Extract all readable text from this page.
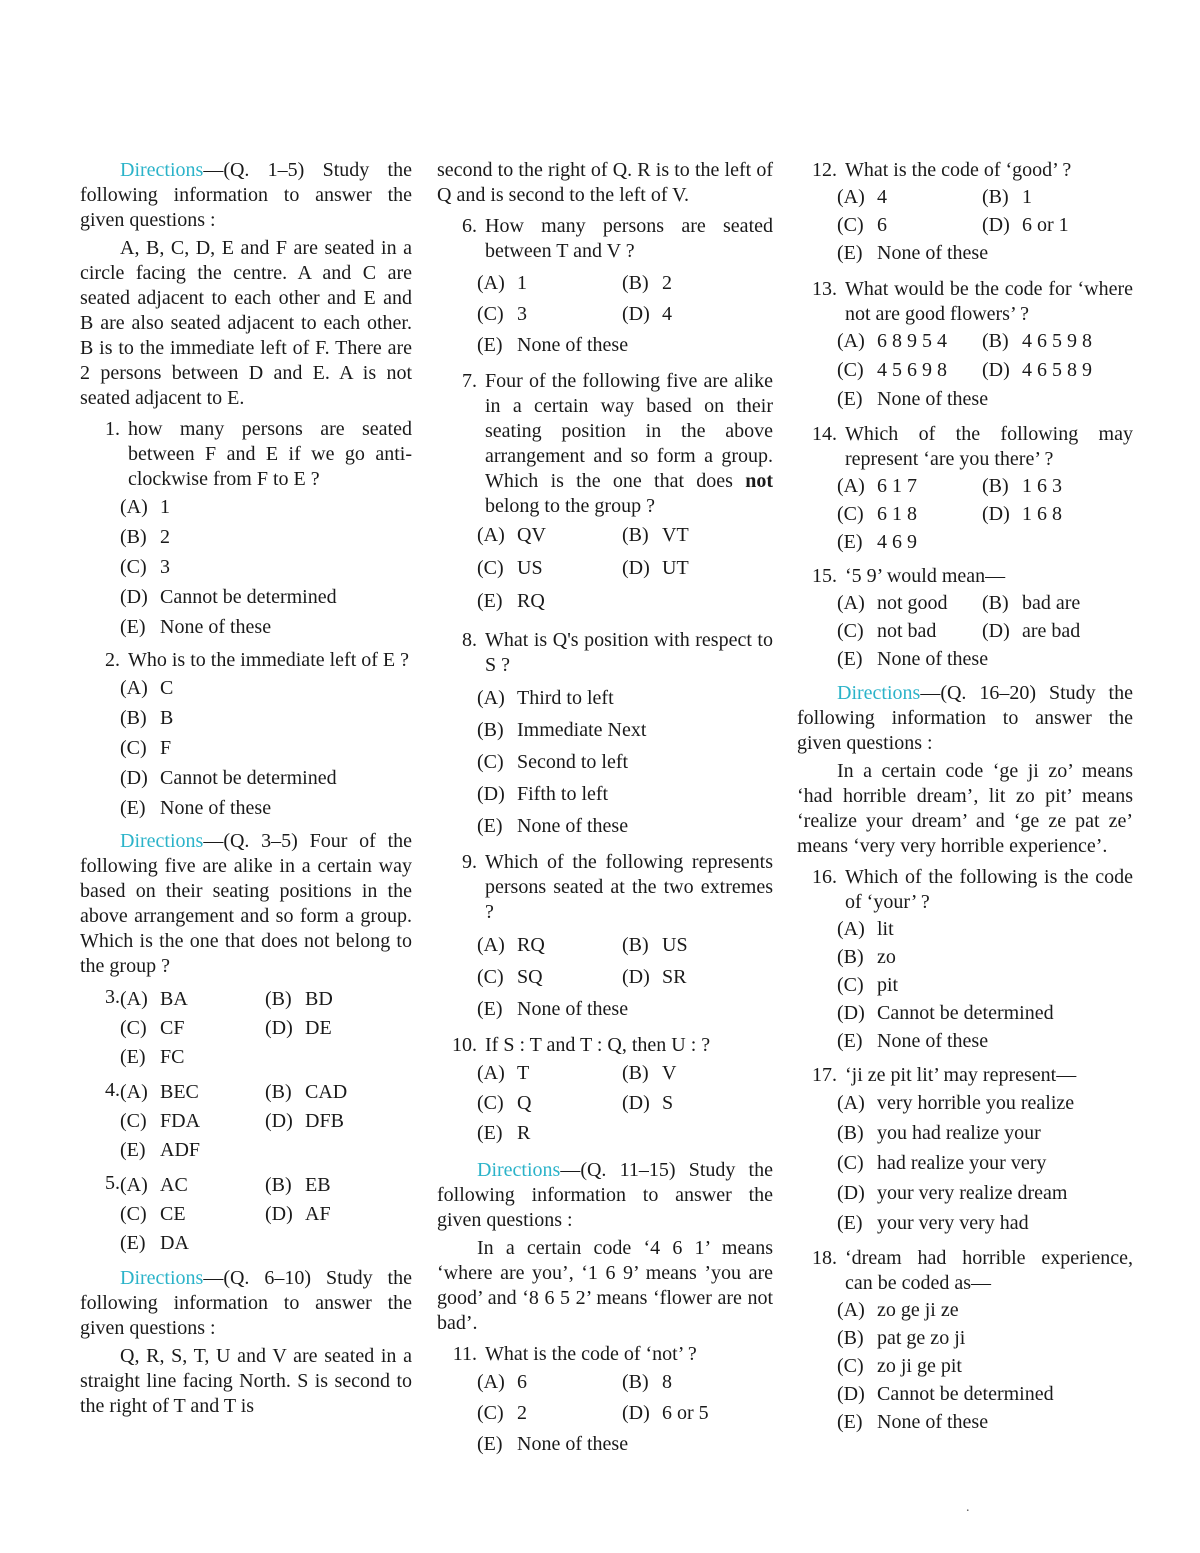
Directions—(Q. 1–5) Study the following information to answer the given questions :

A, B, C, D, E and F are seated in a circle facing the centre. A and C are seated adjacent to each other and E and B are also seated adjacent to each other. B is to the immediate left of F. There are 2 persons between D and E. A is not seated adjacent to E.

1. how many persons are seated between F and E if we go anti-clockwise from F to E ?
(A) 1
(B) 2
(C) 3
(D) Cannot be determined
(E) None of these
2. Who is to the immediate left of E ?
(A) C
(B) B
(C) F
(D) Cannot be determined
(E) None of these

Directions—(Q. 3–5) Four of the following five are alike in a certain way based on their seating positions in the above arrangement and so form a group. Which is the one that does not belong to the group ?

3. (A) BA	(B) BD
(C) CF	(D) DE
(E) FC
4. (A) BEC	(B) CAD
(C) FDA	(D) DFB
(E) ADF
5. (A) AC	(B) EB
(C) CE	(D) AF
(E) DA

Directions—(Q. 6–10) Study the following information to answer the given questions :

Q, R, S, T, U and V are seated in a straight line facing North. S is second to the right of T and T is

second to the right of Q. R is to the left of Q and is second to the left of V.

6. How many persons are seated between T and V ?
(A) 1	(B) 2
(C) 3	(D) 4
(E) None of these
7. Four of the following five are alike in a certain way based on their seating position in the above arrangement and so form a group. Which is the one that does not belong to the group ?
(A) QV	(B) VT
(C) US	(D) UT
(E) RQ
8. What is Q's position with respect to S ?
(A) Third to left
(B) Immediate Next
(C) Second to left
(D) Fifth to left
(E) None of these
9. Which of the following represents persons seated at the two extremes ?
(A) RQ	(B) US
(C) SQ	(D) SR
(E) None of these
10. If S : T and T : Q, then U : ?
(A) T	(B) V
(C) Q	(D) S
(E) R

Directions—(Q. 11–15) Study the following information to answer the given questions :

In a certain code ‘4 6 1’ means ‘where are you’, ‘1 6 9’ means ’you are good’ and ‘8 6 5 2’ means ‘flower are not bad’.

11. What is the code of ‘not’ ?
(A) 6	(B) 8
(C) 2	(D) 6 or 5
(E) None of these
12. What is the code of ‘good’ ?
(A) 4	(B) 1
(C) 6	(D) 6 or 1
(E) None of these
13. What would be the code for ‘where not are good flowers’ ?
(A) 6 8 9 5 4	(B) 4 6 5 9 8
(C) 4 5 6 9 8	(D) 4 6 5 8 9
(E) None of these
14. Which of the following may represent ‘are you there’ ?
(A) 6 1 7	(B) 1 6 3
(C) 6 1 8	(D) 1 6 8
(E) 4 6 9
15. ‘5 9’ would mean—
(A) not good	(B) bad are
(C) not bad	(D) are bad
(E) None of these

Directions—(Q. 16–20) Study the following information to answer the given questions :

In a certain code ‘ge ji zo’ means ‘had horrible dream’, lit zo pit’ means ‘realize your dream’ and ‘ge ze pat ze’ means ‘very very horrible experience’.

16. Which of the following is the code of ‘your’ ?
(A) lit
(B) zo
(C) pit
(D) Cannot be determined
(E) None of these
17. ‘ji ze pit lit’ may represent—
(A) very horrible you realize
(B) you had realize your
(C) had realize your very
(D) your very realize dream
(E) your very very had
18. ‘dream had horrible experience, can be coded as—
(A) zo ge ji ze
(B) pat ge zo ji
(C) zo ji ge pit
(D) Cannot be determined
(E) None of these
.
